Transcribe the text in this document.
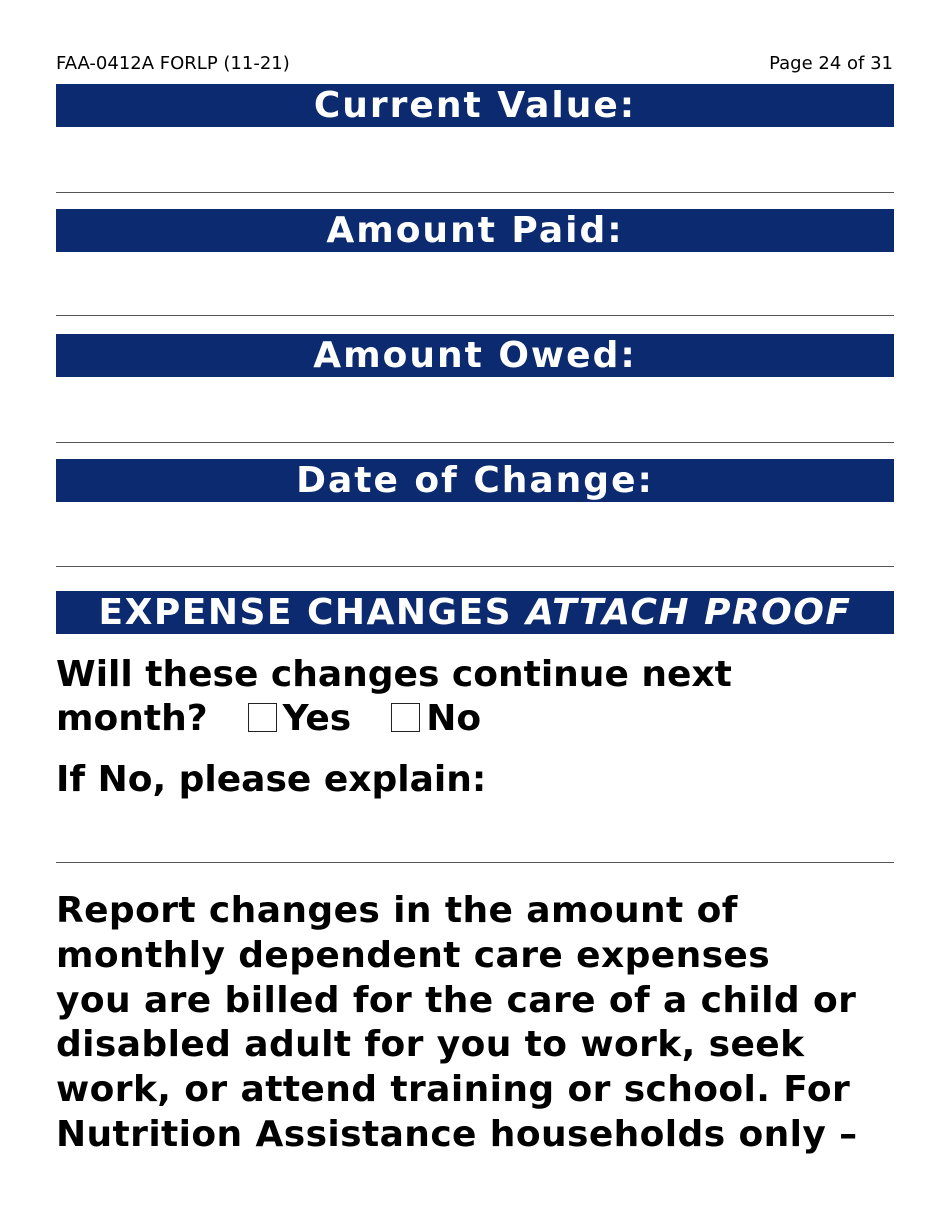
FAA-0412A FORLP (11-21)	Page 24 of 31
Current Value:
Amount Paid:
Amount Owed:
Date of Change:
EXPENSE CHANGES ATTACH PROOF
Will these changes continue next
month? Yes No
If No, please explain:
Report changes in the amount of
monthly dependent care expenses
you are billed for the care of a child or
disabled adult for you to work, seek
work, or attend training or school. For
Nutrition Assistance households only –
